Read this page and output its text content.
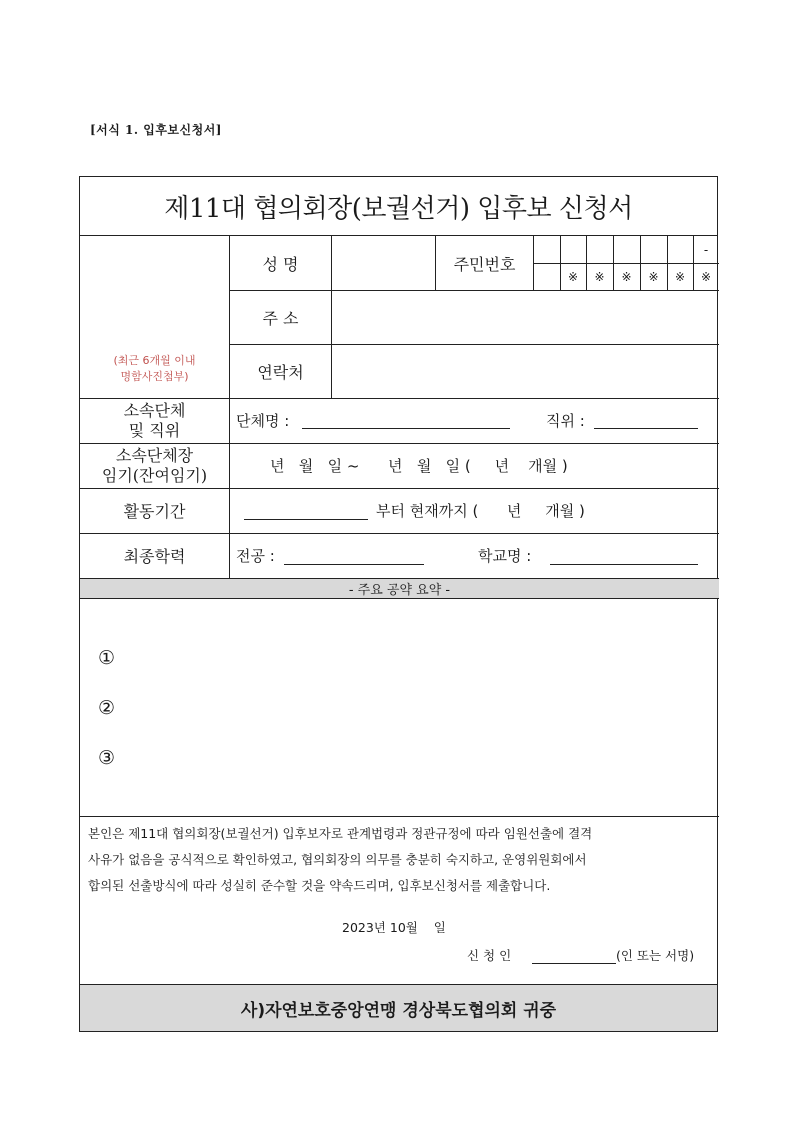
[서식 1. 입후보신청서]
제11대 협의회장(보궐선거) 입후보 신청서
(최근 6개월 이내
명함사진첨부)
성 명	주민번호
-
※	※	※	※	※	※
주 소
연락처
소속단체
및 직위	단체명 :	직위 :
소속단체장
임기(잔여임기)	년   월   일 ~      년   월   일 (     년    개월 )
활동기간	부터 현재까지 (      년     개월 )
최종학력	전공 :	학교명 :
- 주요 공약 요약 -
①
②
③
본인은 제11대 협의회장(보궐선거) 입후보자로 관계법령과 정관규정에 따라 임원선출에 결격
사유가 없음을 공식적으로 확인하였고, 협의회장의 의무를 충분히 숙지하고, 운영위원회에서
합의된 선출방식에 따라 성실히 준수할 것을 약속드리며, 입후보신청서를 제출합니다.
2023년 10월    일
신 청 인	(인 또는 서명)
사)자연보호중앙연맹 경상북도협의회 귀중
